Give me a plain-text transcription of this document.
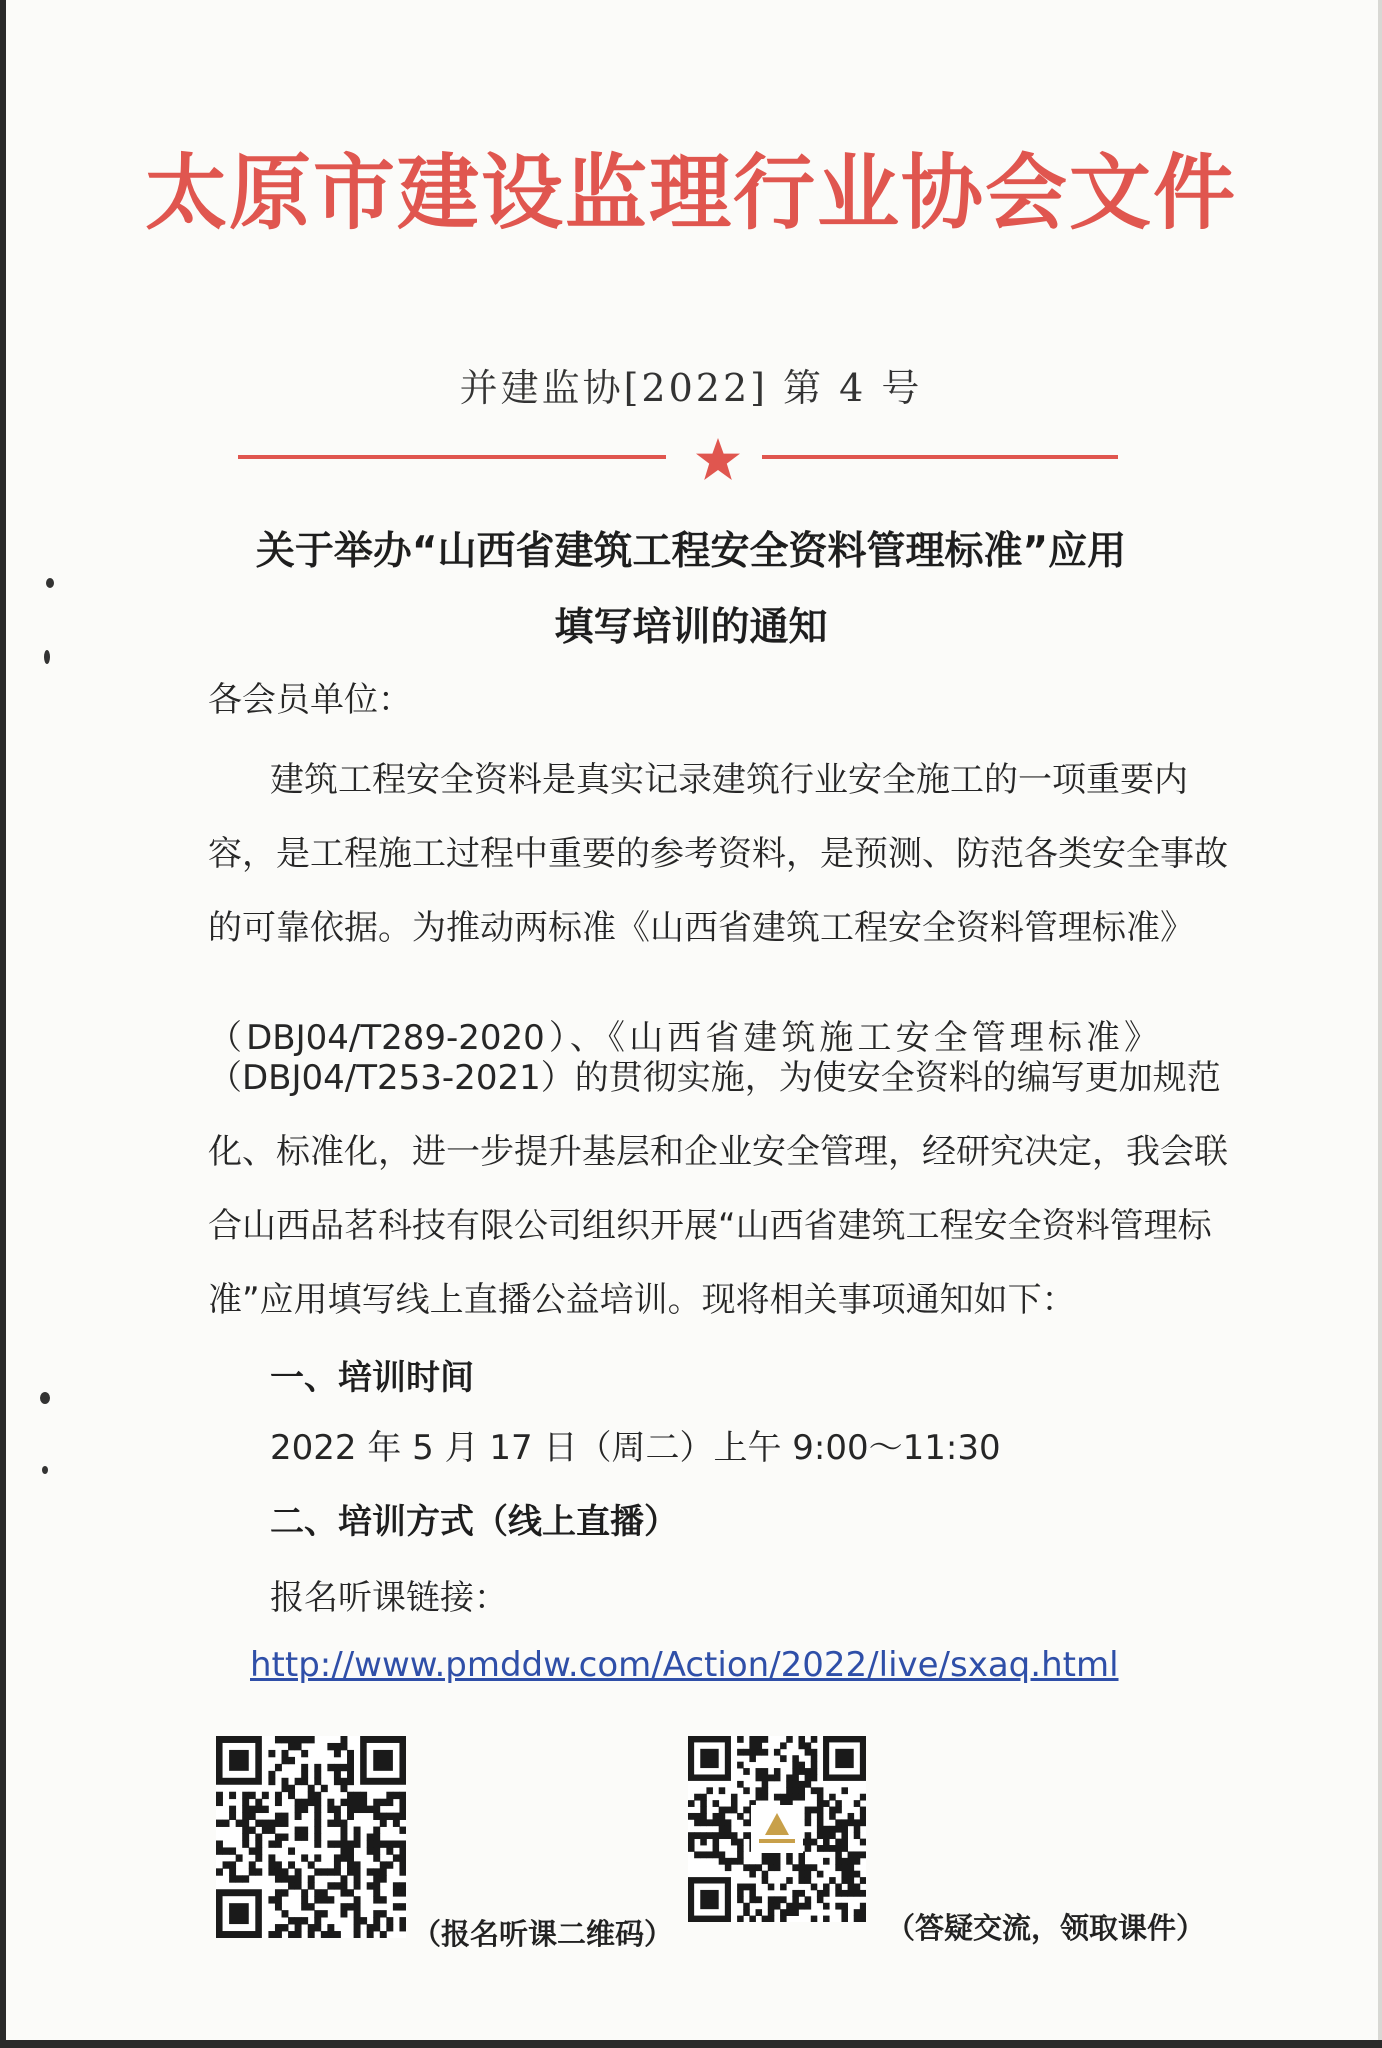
太原市建设监理行业协会文件
并建监协[2022] 第 4 号
关于举办“山西省建筑工程安全资料管理标准”应用
填写培训的通知
各会员单位：
建筑工程安全资料是真实记录建筑行业安全施工的一项重要内
容，是工程施工过程中重要的参考资料，是预测、防范各类安全事故
的可靠依据。为推动两标准《山西省建筑工程安全资料管理标准》
（DBJ04/T289-2020）、《山西省建筑施工安全管理标准》
（DBJ04/T253-2021）的贯彻实施，为使安全资料的编写更加规范
化、标准化，进一步提升基层和企业安全管理，经研究决定，我会联
合山西品茗科技有限公司组织开展“山西省建筑工程安全资料管理标
准”应用填写线上直播公益培训。现将相关事项通知如下：
一、培训时间
2022 年 5 月 17 日（周二）上午 9:00～11:30
二、培训方式（线上直播）
报名听课链接：
http://www.pmddw.com/Action/2022/live/sxaq.html
（报名听课二维码）	（答疑交流，领取课件）
